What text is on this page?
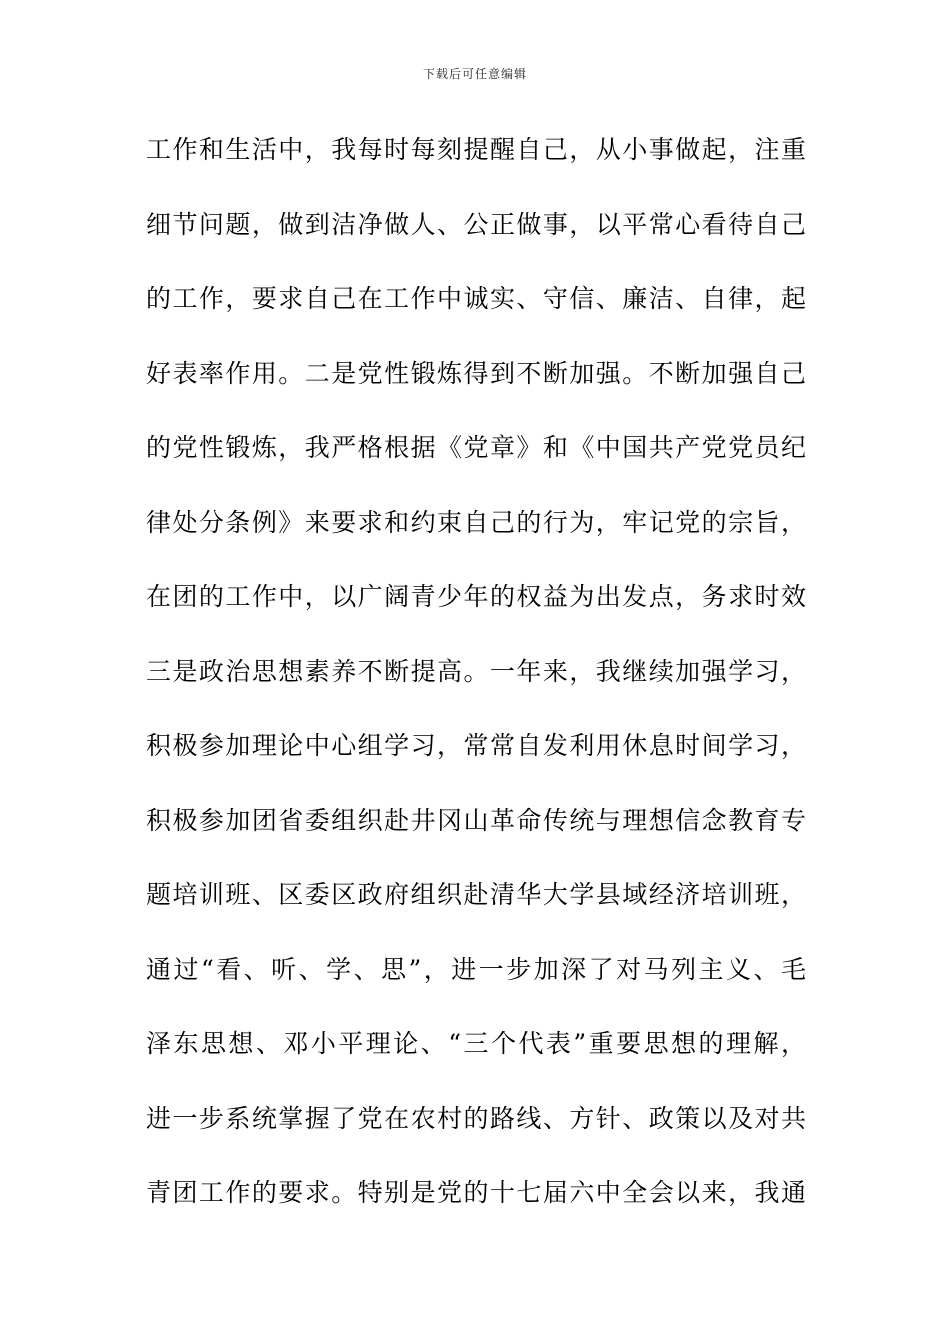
下载后可任意编辑
工作和生活中，我每时每刻提醒自己，从小事做起，注重
细节问题，做到洁净做人、公正做事，以平常心看待自己
的工作，要求自己在工作中诚实、守信、廉洁、自律，起
好表率作用。二是党性锻炼得到不断加强。不断加强自己
的党性锻炼，我严格根据《党章》和《中国共产党党员纪
律处分条例》来要求和约束自己的行为，牢记党的宗旨，
在团的工作中，以广阔青少年的权益为出发点，务求时效
三是政治思想素养不断提高。一年来，我继续加强学习，
积极参加理论中心组学习，常常自发利用休息时间学习，
积极参加团省委组织赴井冈山革命传统与理想信念教育专
题培训班、区委区政府组织赴清华大学县域经济培训班，
通过“看、听、学、思”，进一步加深了对马列主义、毛
泽东思想、邓小平理论、“三个代表”重要思想的理解，
进一步系统掌握了党在农村的路线、方针、政策以及对共
青团工作的要求。特别是党的十七届六中全会以来，我通
